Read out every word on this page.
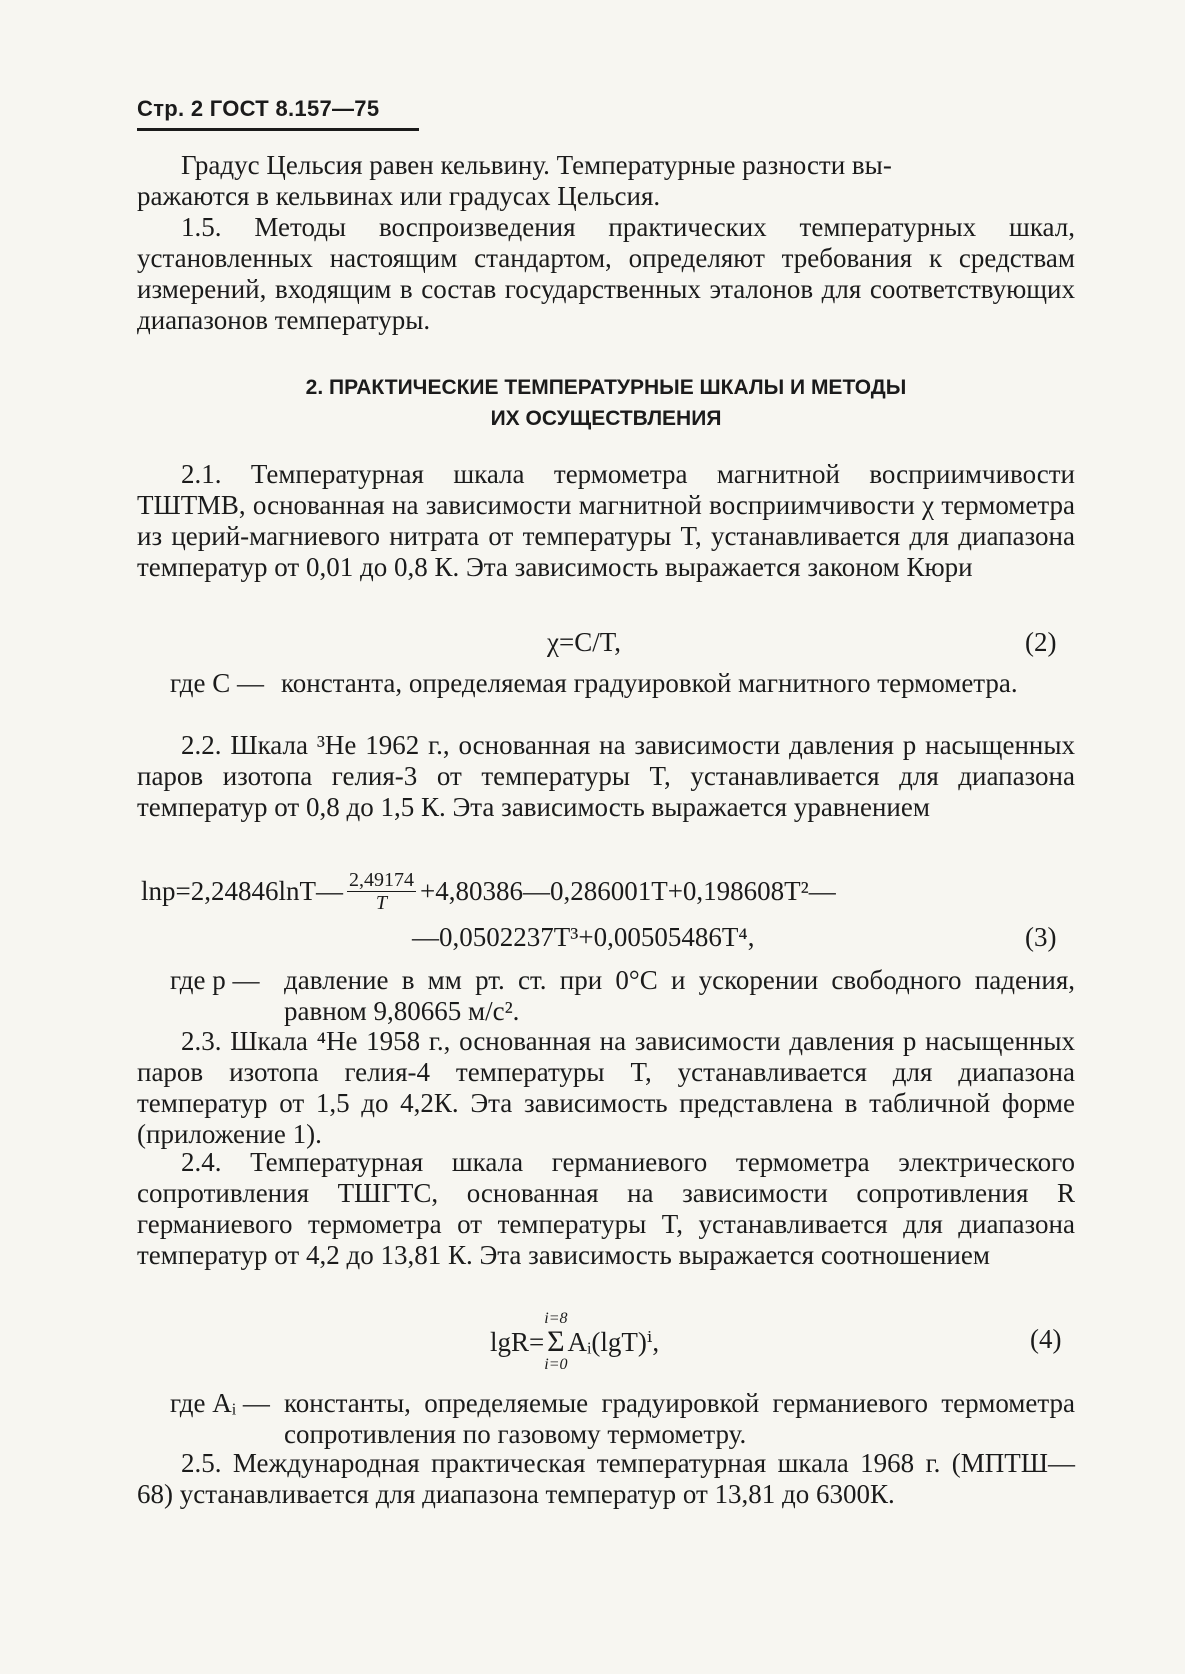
Стр. 2 ГОСТ 8.157—75

Градус Цельсия равен кельвину. Температурные разности вы-

ражаются в кельвинах или градусах Цельсия.

1.5. Методы воспроизведения практических температурных шкал, установленных настоящим стандартом, определяют требования к средствам измерений, входящим в состав государственных эталонов для соответствующих диапазонов температуры.

2. ПРАКТИЧЕСКИЕ ТЕМПЕРАТУРНЫЕ ШКАЛЫ И МЕТОДЫ
ИХ ОСУЩЕСТВЛЕНИЯ

2.1. Температурная шкала термометра магнитной восприимчивости ТШТМВ, основанная на зависимости магнитной восприимчивости χ термометра из церий-магниевого нитрата от температуры T, устанавливается для диапазона температур от 0,01 до 0,8 К. Эта зависимость выражается законом Кюри

χ=C/T,	(2)
где C — константа, определяемая градуировкой магнитного термометра.

2.2. Шкала ³He 1962 г., основанная на зависимости давления p насыщенных паров изотопа гелия-3 от температуры T, устанавливается для диапазона температур от 0,8 до 1,5 К. Эта зависимость выражается уравнением

lnp=2,24846lnT— $\frac{2,49174}{T}$ +4,80386—0,286001T+0,198608T²—
—0,0502237T³+0,00505486T⁴,	(3)
где p — давление в мм рт. ст. при 0°С и ускорении свободного падения, равном 9,80665 м/с².

2.3. Шкала ⁴He 1958 г., основанная на зависимости давления p насыщенных паров изотопа гелия-4 температуры T, устанавливается для диапазона температур от 1,5 до 4,2К. Эта зависимость представлена в табличной форме (приложение 1).

2.4. Температурная шкала германиевого термометра электрического сопротивления ТШГТС, основанная на зависимости сопротивления R германиевого термометра от температуры T, устанавливается для диапазона температур от 4,2 до 13,81 К. Эта зависимость выражается соотношением

lgR=
i=8
Σ
i=0
Aᵢ(lgT)ⁱ,	(4)
где Aᵢ — константы, определяемые градуировкой германиевого термометра сопротивления по газовому термометру.

2.5. Международная практическая температурная шкала 1968 г. (МПТШ—68) устанавливается для диапазона температур от 13,81 до 6300К.
